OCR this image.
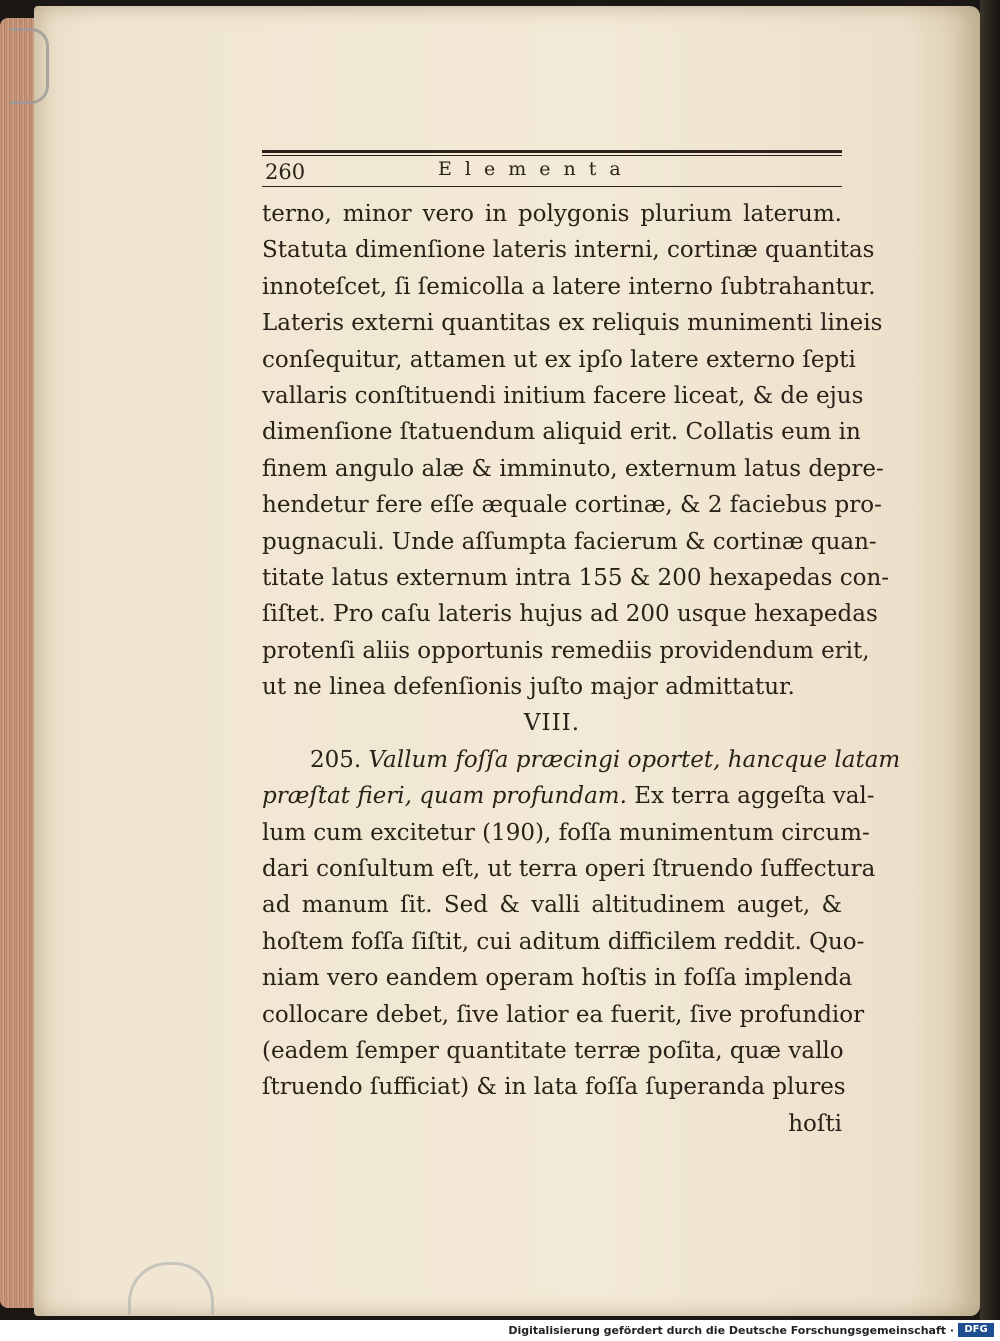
260	Elementa
terno, minor vero in polygonis plurium laterum.
Statuta dimenſione lateris interni, cortinæ quantitas
innoteſcet, ſi ſemicolla a latere interno ſubtrahantur.
Lateris externi quantitas ex reliquis munimenti lineis
conſequitur, attamen ut ex ipſo latere externo ſepti
vallaris conſtituendi initium facere liceat, & de ejus
dimenſione ſtatuendum aliquid erit. Collatis eum in
finem angulo alæ & imminuto, externum latus depre-
hendetur fere eſſe æquale cortinæ, & 2 faciebus pro-
pugnaculi. Unde aſſumpta facierum & cortinæ quan-
titate latus externum intra 155 & 200 hexapedas con-
ſiſtet. Pro caſu lateris hujus ad 200 usque hexapedas
protenſi aliis opportunis remediis providendum erit,
ut ne linea defenſionis juſto major admittatur.
VIII.
205. Vallum foſſa præcingi oportet, hancque latam
præſtat fieri, quam profundam. Ex terra aggeſta val-
lum cum excitetur (190), foſſa munimentum circum-
dari conſultum eſt, ut terra operi ſtruendo ſuffectura
ad manum ſit. Sed & valli altitudinem auget, &
hoſtem foſſa ſiſtit, cui aditum difficilem reddit. Quo-
niam vero eandem operam hoſtis in foſſa implenda
collocare debet, ſive latior ea fuerit, ſive profundior
(eadem ſemper quantitate terræ poſita, quæ vallo
ſtruendo ſufficiat) & in lata foſſa ſuperanda plures
hoſti
Digitalisierung gefördert durch die Deutsche Forschungsgemeinschaft ·	DFG
